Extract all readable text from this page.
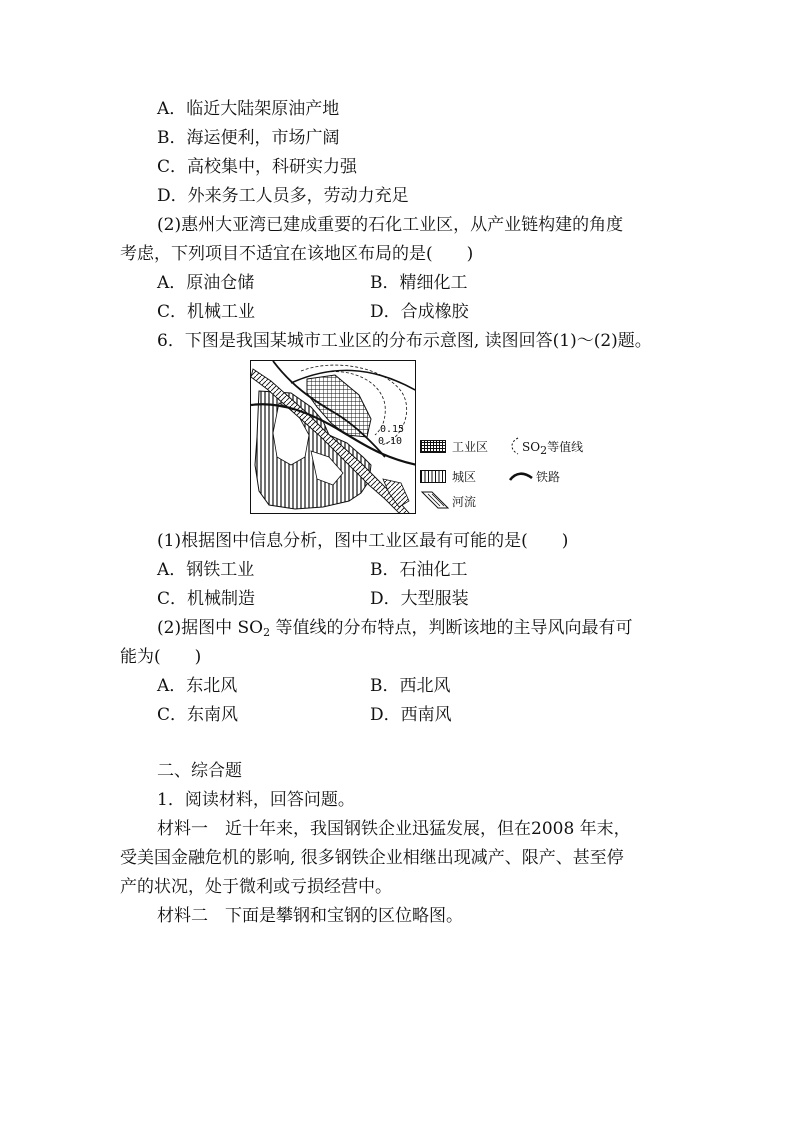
A．临近大陆架原油产地
B．海运便利，市场广阔
C．高校集中，科研实力强
D．外来务工人员多，劳动力充足
(2)惠州大亚湾已建成重要的石化工业区，从产业链构建的角度
考虑，下列项目不适宜在该地区布局的是(　　)
A．原油仓储	B．精细化工
C．机械工业	D．合成橡胶
6．下图是我国某城市工业区的分布示意图, 读图回答(1)～(2)题。
0.15
0.10	工业区	$SO_2$等值线
城区	铁路
河流
(1)根据图中信息分析，图中工业区最有可能的是(　　)
A．钢铁工业	B．石油化工
C．机械制造	D．大型服装
(2)据图中 $SO_2$ 等值线的分布特点，判断该地的主导风向最有可
能为(　　)
A．东北风	B．西北风
C．东南风	D．西南风
二、综合题
1．阅读材料，回答问题。
材料一　近十年来，我国钢铁企业迅猛发展，但在2008 年末，
受美国金融危机的影响, 很多钢铁企业相继出现减产、限产、甚至停
产的状况，处于微利或亏损经营中。
材料二　下面是攀钢和宝钢的区位略图。
